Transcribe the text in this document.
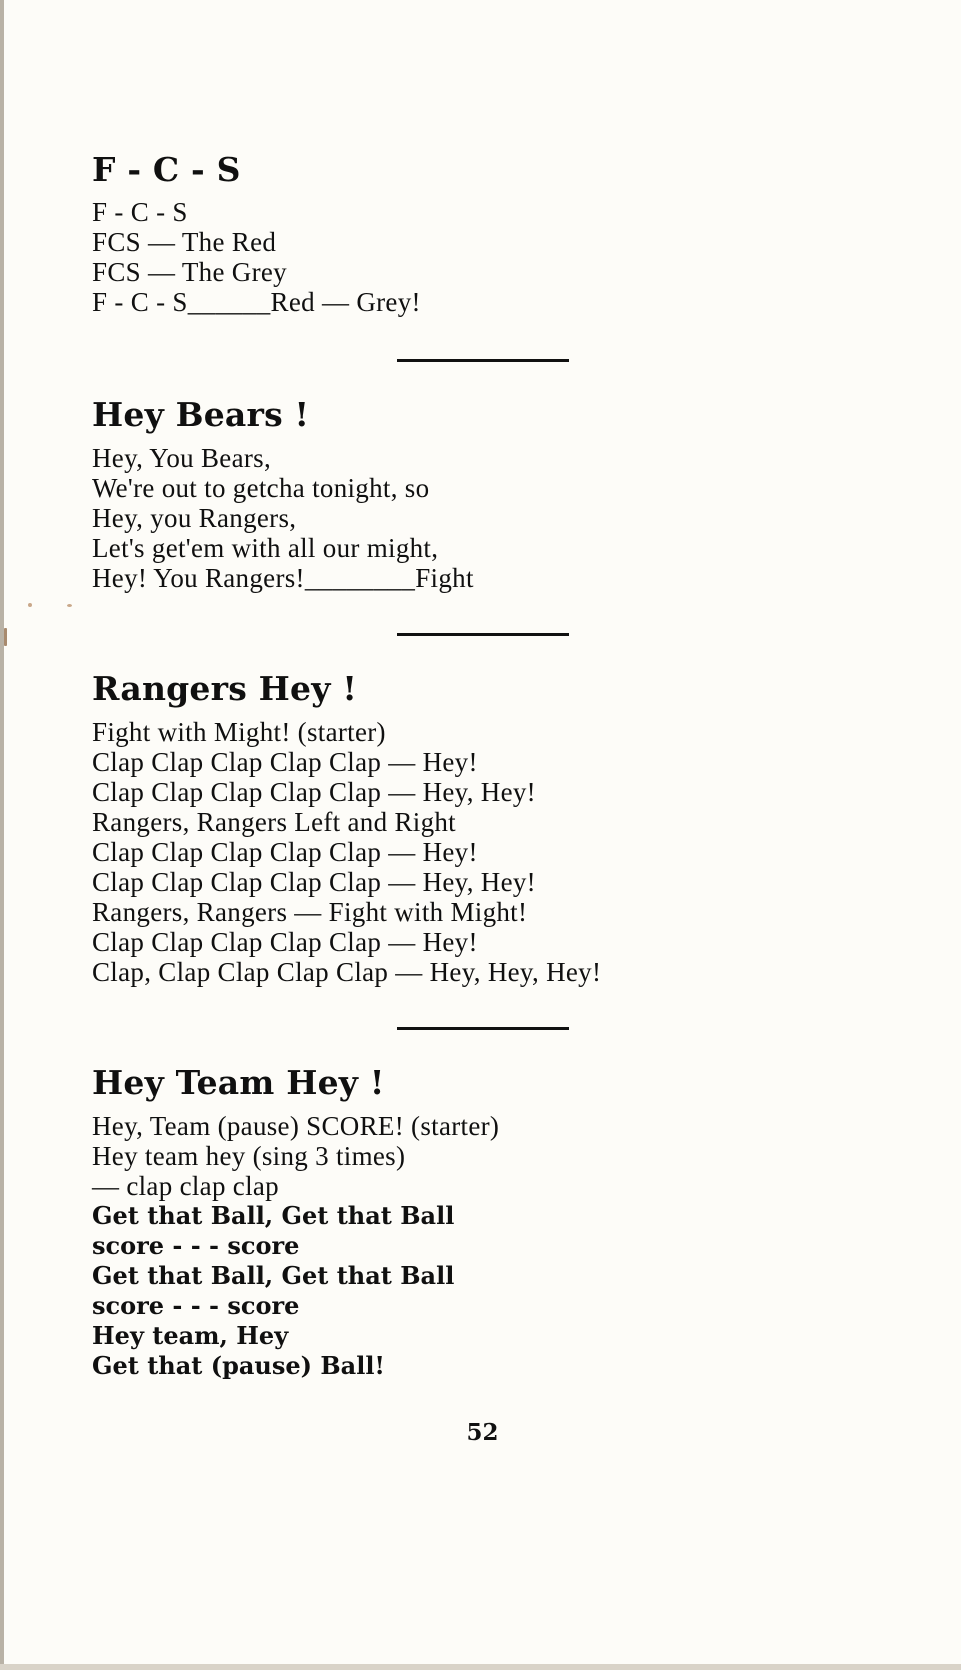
F - C - S
F - C - S
FCS — The Red
FCS — The Grey
F - C - S______Red — Grey!
Hey Bears !
Hey, You Bears,
We're out to getcha tonight, so
Hey, you Rangers,
Let's get'em with all our might,
Hey! You Rangers!________Fight
Rangers Hey !
Fight with Might! (starter)
Clap Clap Clap Clap Clap — Hey!
Clap Clap Clap Clap Clap — Hey, Hey!
Rangers, Rangers Left and Right
Clap Clap Clap Clap Clap — Hey!
Clap Clap Clap Clap Clap — Hey, Hey!
Rangers, Rangers — Fight with Might!
Clap Clap Clap Clap Clap — Hey!
Clap, Clap Clap Clap Clap — Hey, Hey, Hey!
Hey Team Hey !
Hey, Team (pause) SCORE! (starter)
Hey team hey (sing 3 times)
— clap clap clap
Get that Ball, Get that Ball
score - - - score
Get that Ball, Get that Ball
score - - - score
Hey team, Hey
Get that (pause) Ball!
52
